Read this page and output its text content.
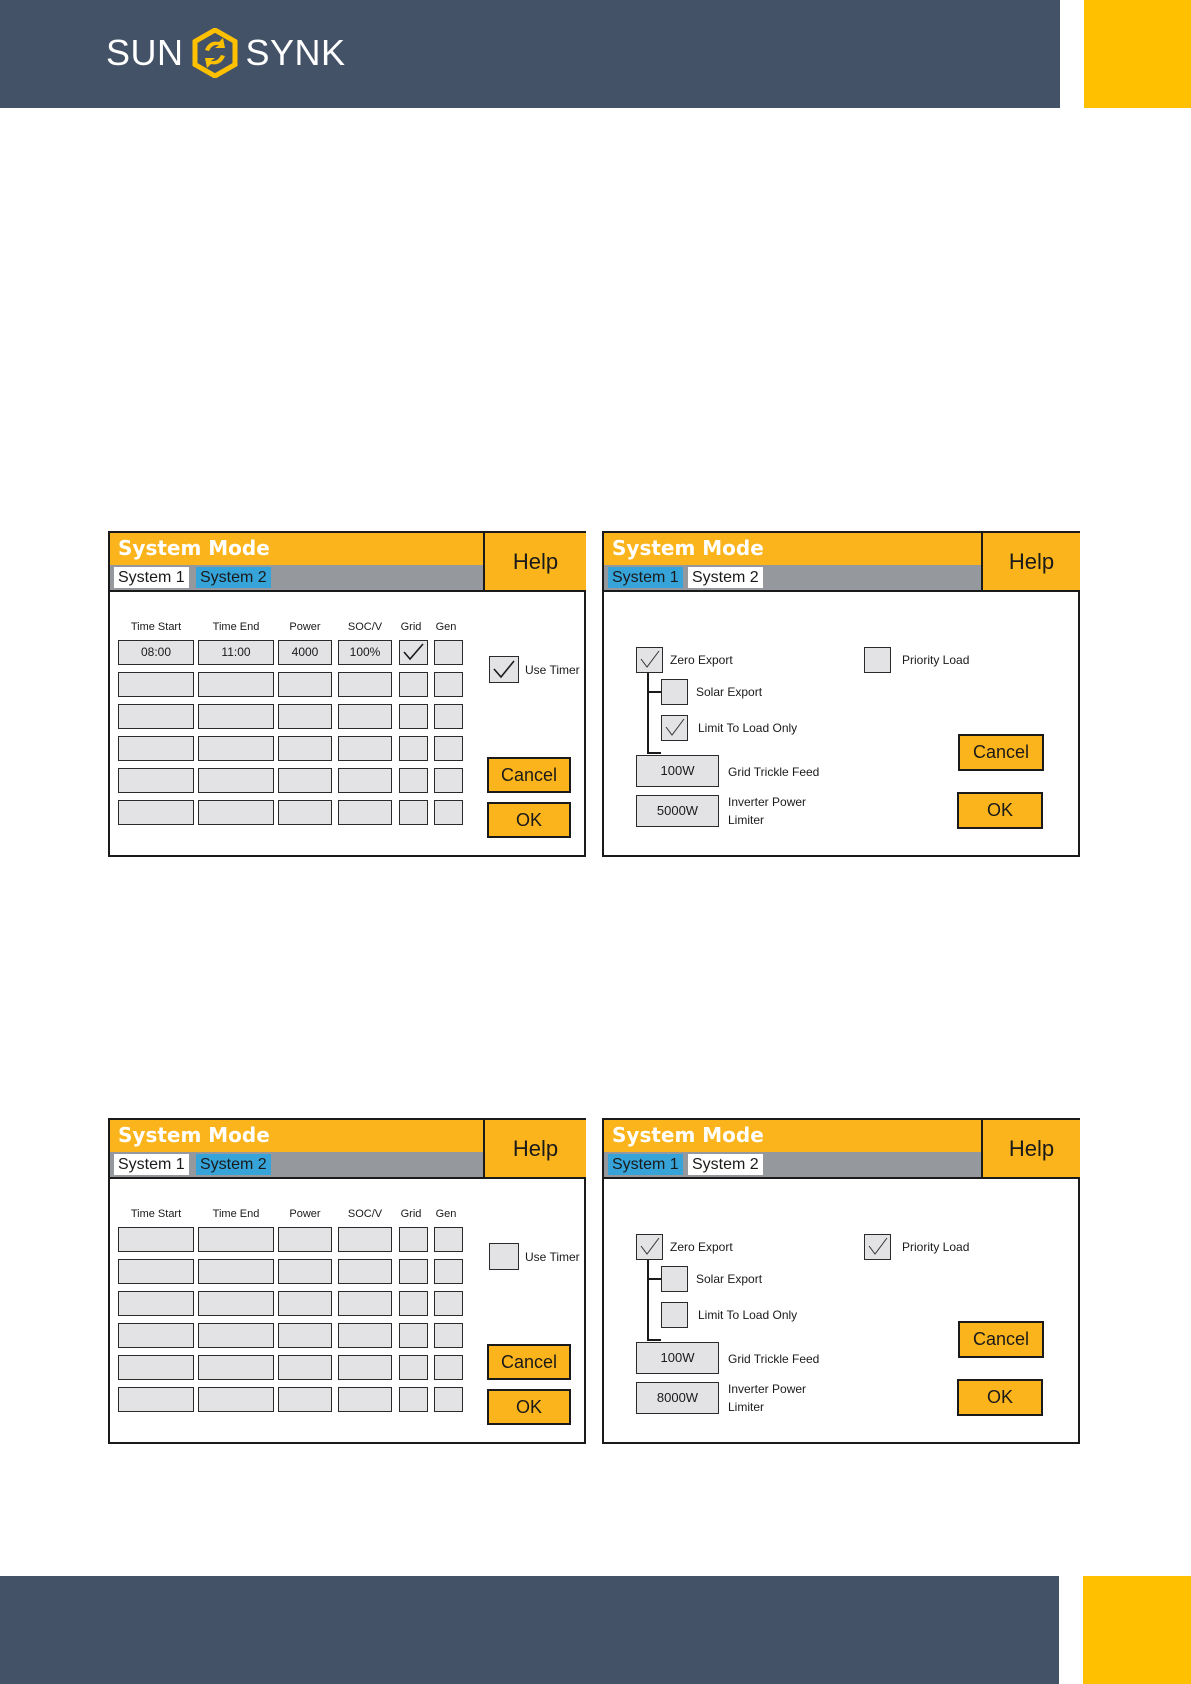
SUN SYNK
System Mode
System 1 System 2
Help
Time Start	Time End	Power	SOC/V	Grid	Gen
08:00	11:00	4000	100%
Use Timer
Cancel
OK
System Mode
System 1 System 2
Help
Zero Export
Solar Export
Limit To Load Only
Priority Load
100W	Grid Trickle Feed
5000W
Inverter Power
Limiter
Cancel
OK
System Mode
System 1 System 2
Help
Time Start	Time End	Power	SOC/V	Grid	Gen
Use Timer
Cancel
OK
System Mode
System 1 System 2
Help
Zero Export
Solar Export
Limit To Load Only
Priority Load
100W	Grid Trickle Feed
8000W
Inverter Power
Limiter
Cancel
OK
